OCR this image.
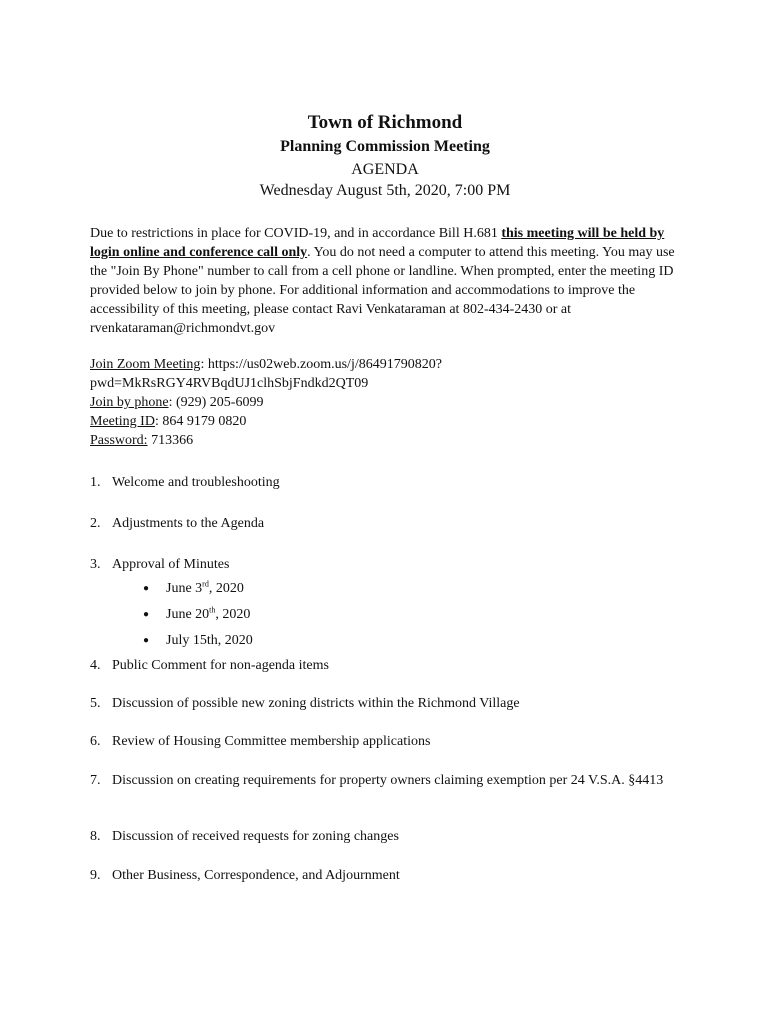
Town of Richmond
Planning Commission Meeting
AGENDA
Wednesday August 5th, 2020, 7:00 PM
Due to restrictions in place for COVID-19, and in accordance Bill H.681 this meeting will be held by login online and conference call only. You do not need a computer to attend this meeting. You may use the "Join By Phone" number to call from a cell phone or landline. When prompted, enter the meeting ID provided below to join by phone. For additional information and accommodations to improve the accessibility of this meeting, please contact Ravi Venkataraman at 802-434-2430 or at rvenkataraman@richmondvt.gov
Join Zoom Meeting: https://us02web.zoom.us/j/86491790820?
pwd=MkRsRGY4RVBqdUJ1clhSbjFndkd2QT09
Join by phone: (929) 205-6099
Meeting ID: 864 9179 0820
Password: 713366
1. Welcome and troubleshooting
2. Adjustments to the Agenda
3. Approval of Minutes
● June 3rd, 2020
● June 20th, 2020
● July 15th, 2020
4. Public Comment for non-agenda items
5. Discussion of possible new zoning districts within the Richmond Village
6. Review of Housing Committee membership applications
7. Discussion on creating requirements for property owners claiming exemption per 24 V.S.A. §4413
8. Discussion of received requests for zoning changes
9. Other Business, Correspondence, and Adjournment
